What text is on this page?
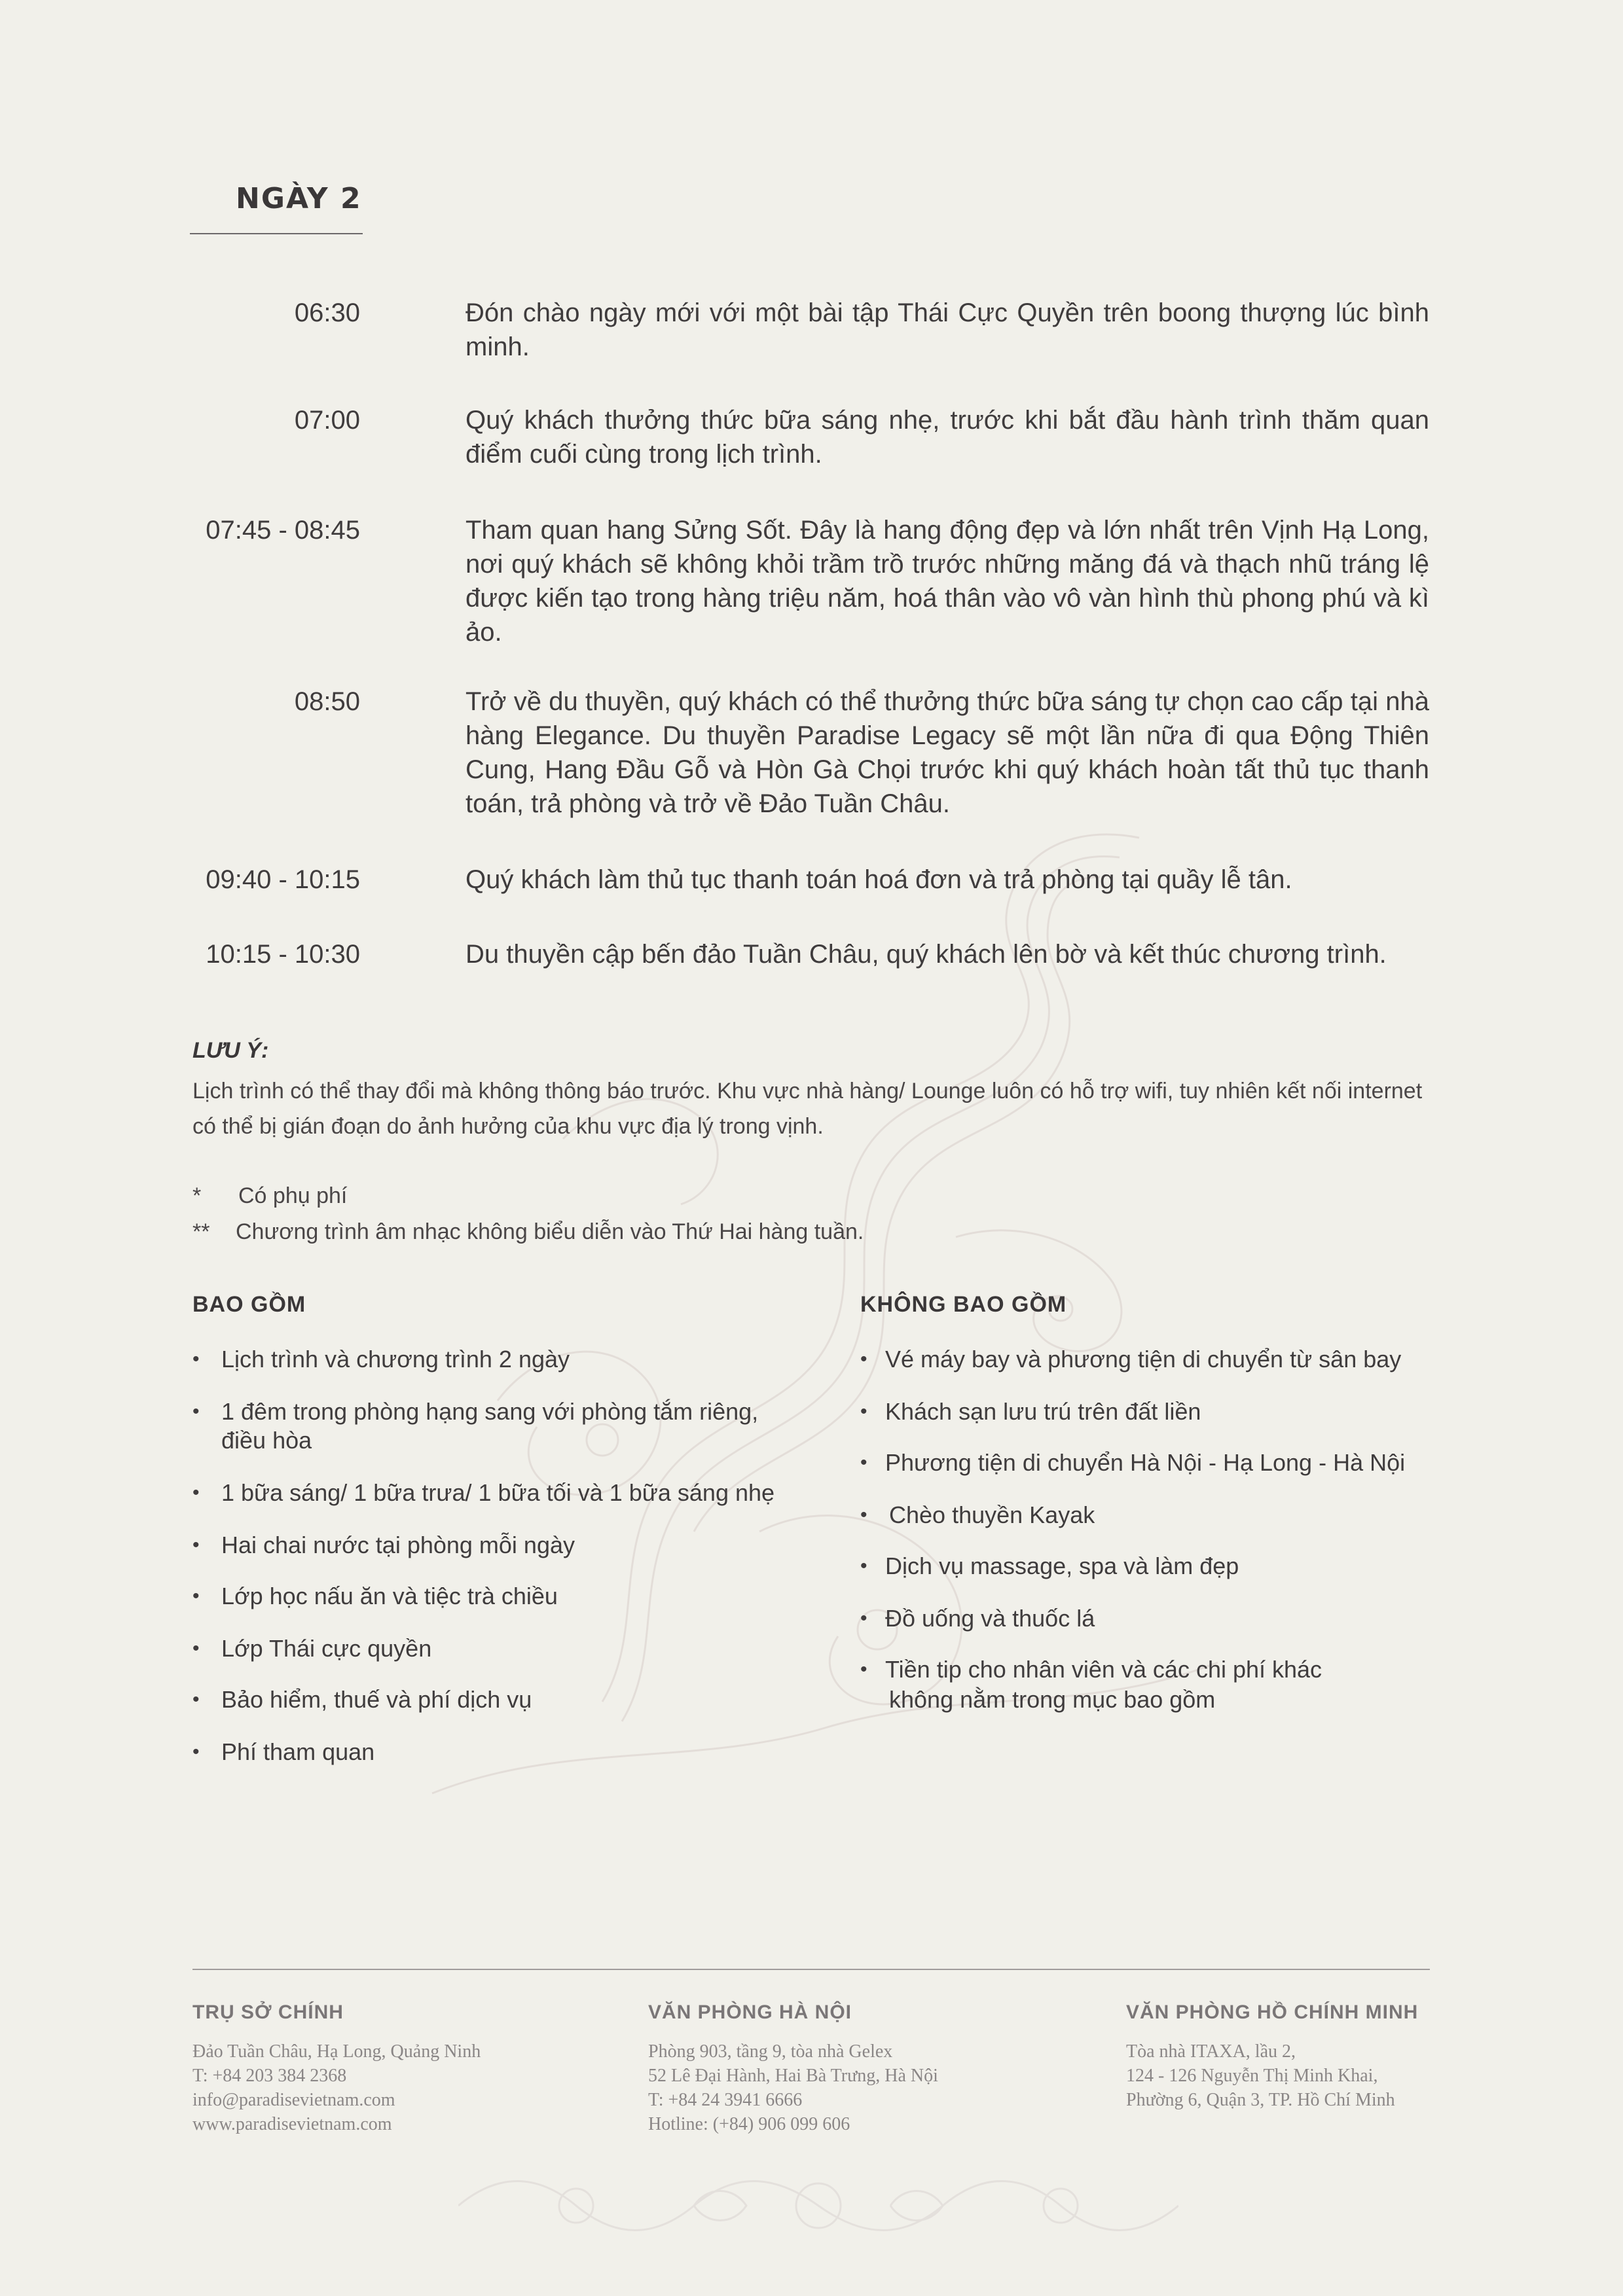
NGÀY 2
06:30	Đón chào ngày mới với một bài tập Thái Cực Quyền trên boong thượng lúc bình minh.
07:00	Quý khách thưởng thức bữa sáng nhẹ, trước khi bắt đầu hành trình thăm quan điểm cuối cùng trong lịch trình.
07:45 - 08:45	Tham quan hang Sửng Sốt. Đây là hang động đẹp và lớn nhất trên Vịnh Hạ Long, nơi quý khách sẽ không khỏi trầm trồ trước những măng đá và thạch nhũ tráng lệ được kiến tạo trong hàng triệu năm, hoá thân vào vô vàn hình thù phong phú và kì ảo.
08:50	Trở về du thuyền, quý khách có thể thưởng thức bữa sáng tự chọn cao cấp tại nhà hàng Elegance. Du thuyền Paradise Legacy sẽ một lần nữa đi qua Động Thiên Cung, Hang Đầu Gỗ và Hòn Gà Chọi trước khi quý khách hoàn tất thủ tục thanh toán, trả phòng và trở về Đảo Tuần Châu.
09:40 - 10:15	Quý khách làm thủ tục thanh toán hoá đơn và trả phòng tại quầy lễ tân.
10:15 - 10:30	Du thuyền cập bến đảo Tuần Châu, quý khách lên bờ và kết thúc chương trình.
LƯU Ý:
Lịch trình có thể thay đổi mà không thông báo trước. Khu vực nhà hàng/ Lounge luôn có hỗ trợ wifi, tuy nhiên kết nối internet có thể bị gián đoạn do ảnh hưởng của khu vực địa lý trong vịnh.
* Có phụ phí
** Chương trình âm nhạc không biểu diễn vào Thứ Hai hàng tuần.
BAO GỒM
• Lịch trình và chương trình 2 ngày
• 1 đêm trong phòng hạng sang với phòng tắm riêng,
điều hòa
• 1 bữa sáng/ 1 bữa trưa/ 1 bữa tối và 1 bữa sáng nhẹ
• Hai chai nước tại phòng mỗi ngày
• Lớp học nấu ăn và tiệc trà chiều
• Lớp Thái cực quyền
• Bảo hiểm, thuế và phí dịch vụ
• Phí tham quan
KHÔNG BAO GỒM
• Vé máy bay và phương tiện di chuyển từ sân bay
• Khách sạn lưu trú trên đất liền
• Phương tiện di chuyển Hà Nội - Hạ Long - Hà Nội
• Chèo thuyền Kayak
• Dịch vụ massage, spa và làm đẹp
• Đồ uống và thuốc lá
• Tiền tip cho nhân viên và các chi phí khác
không nằm trong mục bao gồm
TRỤ SỞ CHÍNH
Đảo Tuần Châu, Hạ Long, Quảng Ninh
T: +84 203 384 2368
info@paradisevietnam.com
www.paradisevietnam.com
VĂN PHÒNG HÀ NỘI
Phòng 903, tầng 9, tòa nhà Gelex
52 Lê Đại Hành, Hai Bà Trưng, Hà Nội
T: +84 24 3941 6666
Hotline: (+84) 906 099 606
VĂN PHÒNG HỒ CHÍNH MINH
Tòa nhà ITAXA, lầu 2,
124 - 126 Nguyễn Thị Minh Khai,
Phường 6, Quận 3, TP. Hồ Chí Minh
